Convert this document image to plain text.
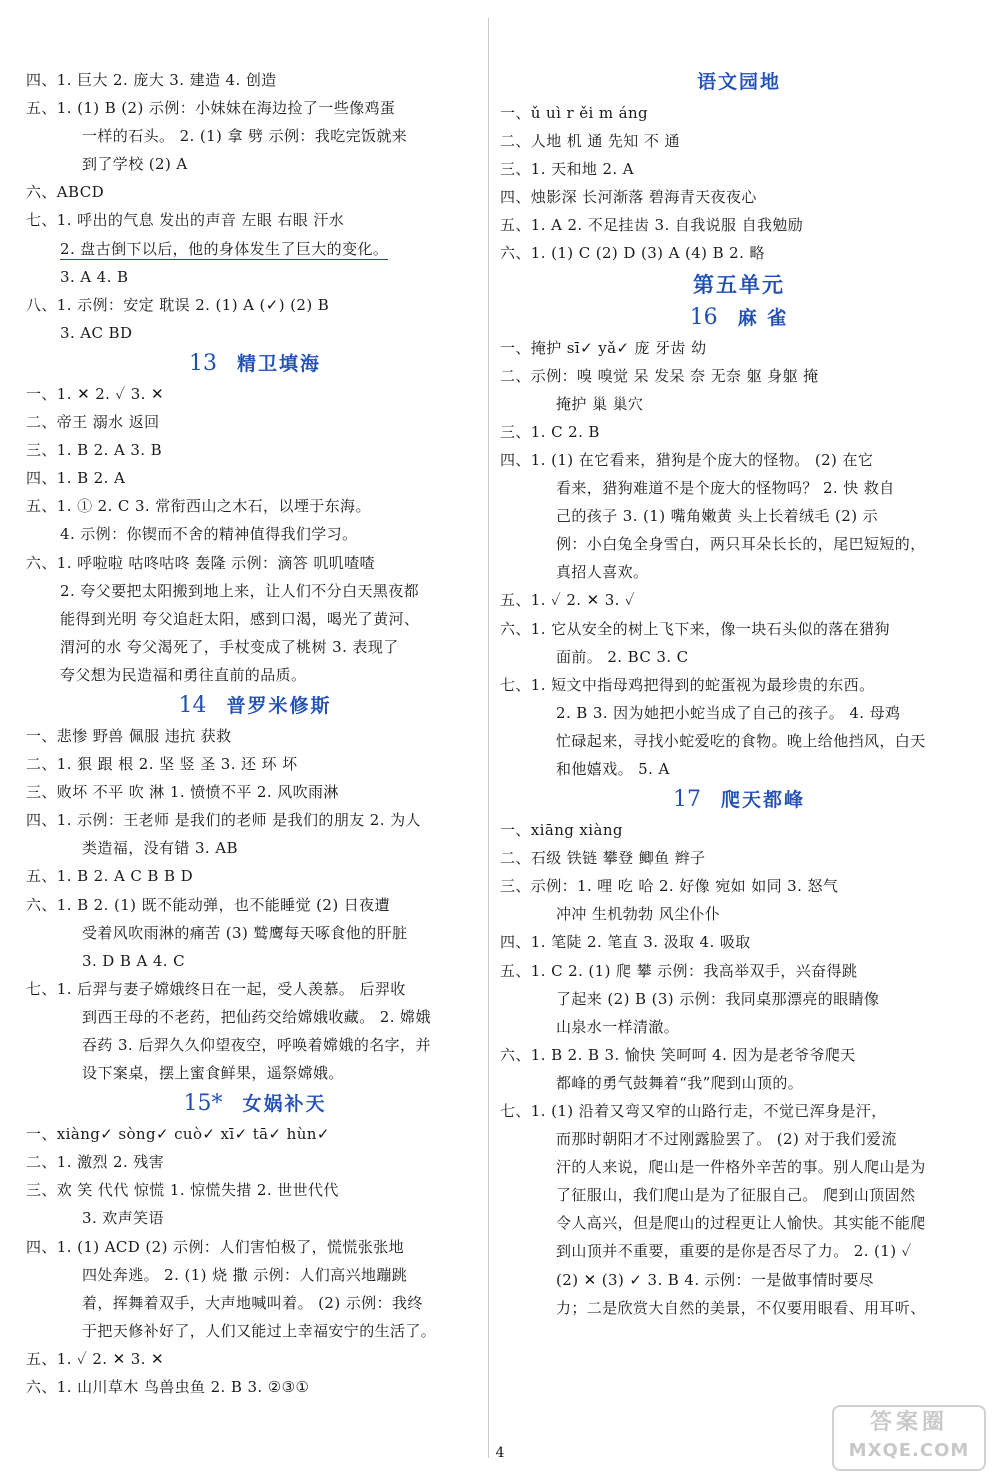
四、1. 巨大 2. 庞大 3. 建造 4. 创造
五、1. (1) B (2) 示例：小妹妹在海边捡了一些像鸡蛋
一样的石头。 2. (1) 拿 劈 示例：我吃完饭就来
到了学校 (2) A
六、ABCD
七、1. 呼出的气息 发出的声音 左眼 右眼 汗水
2. 盘古倒下以后，他的身体发生了巨大的变化。
3. A 4. B
八、1. 示例：安定 耽误 2. (1) A (✓) (2) B
3. AC BD
13 精卫填海
一、1. ✕ 2. ✓ 3. ✕
二、帝王 溺水 返回
三、1. B 2. A 3. B
四、1. B 2. A
五、1. ① 2. C 3. 常衔西山之木石，以堙于东海。
4. 示例：你锲而不舍的精神值得我们学习。
六、1. 呼啦啦 咕咚咕咚 轰隆 示例：滴答 叽叽喳喳
2. 夸父要把太阳搬到地上来，让人们不分白天黑夜都
能得到光明 夸父追赶太阳，感到口渴，喝光了黄河、
渭河的水 夸父渴死了，手杖变成了桃树 3. 表现了
夸父想为民造福和勇往直前的品质。
14 普罗米修斯
一、悲惨 野兽 佩服 违抗 获救
二、1. 狠 跟 根 2. 坚 竖 圣 3. 还 环 坏
三、败坏 不平 吹 淋 1. 愤愤不平 2. 风吹雨淋
四、1. 示例：王老师 是我们的老师 是我们的朋友 2. 为人
类造福，没有错 3. AB
五、1. B 2. A C B B D
六、1. B 2. (1) 既不能动弹，也不能睡觉 (2) 日夜遭
受着风吹雨淋的痛苦 (3) 鹫鹰每天啄食他的肝脏
3. D B A 4. C
七、1. 后羿与妻子嫦娥终日在一起，受人羡慕。 后羿收
到西王母的不老药，把仙药交给嫦娥收藏。 2. 嫦娥
吞药 3. 后羿久久仰望夜空，呼唤着嫦娥的名字，并
设下案桌，摆上蜜食鲜果，遥祭嫦娥。
15* 女娲补天
一、xiàng✓ sòng✓ cuò✓ xī✓ tā✓ hùn✓
二、1. 激烈 2. 残害
三、欢 笑 代代 惊慌 1. 惊慌失措 2. 世世代代
3. 欢声笑语
四、1. (1) ACD (2) 示例：人们害怕极了，慌慌张张地
四处奔逃。 2. (1) 烧 撒 示例：人们高兴地蹦跳
着，挥舞着双手，大声地喊叫着。 (2) 示例：我终
于把天修补好了，人们又能过上幸福安宁的生活了。
五、1. ✓ 2. ✕ 3. ✕
六、1. 山川草木 鸟兽虫鱼 2. B 3. ②③①
语文园地
一、ǔ uì r ěi m áng
二、人地 机 通 先知 不 通
三、1. 天和地 2. A
四、烛影深 长河渐落 碧海青天夜夜心
五、1. A 2. 不足挂齿 3. 自我说服 自我勉励
六、1. (1) C (2) D (3) A (4) B 2. 略
第五单元
16 麻 雀
一、掩护 sī✓ yǎ✓ 庞 牙齿 幼
二、示例：嗅 嗅觉 呆 发呆 奈 无奈 躯 身躯 掩
掩护 巢 巢穴
三、1. C 2. B
四、1. (1) 在它看来，猎狗是个庞大的怪物。 (2) 在它
看来，猎狗难道不是个庞大的怪物吗？ 2. 快 救自
己的孩子 3. (1) 嘴角嫩黄 头上长着绒毛 (2) 示
例：小白兔全身雪白，两只耳朵长长的，尾巴短短的，
真招人喜欢。
五、1. ✓ 2. ✕ 3. ✓
六、1. 它从安全的树上飞下来，像一块石头似的落在猎狗
面前。 2. BC 3. C
七、1. 短文中指母鸡把得到的蛇蛋视为最珍贵的东西。
2. B 3. 因为她把小蛇当成了自己的孩子。 4. 母鸡
忙碌起来，寻找小蛇爱吃的食物。晚上给他挡风，白天
和他嬉戏。 5. A
17 爬天都峰
一、xiāng xiàng
二、石级 铁链 攀登 鲫鱼 辫子
三、示例：1. 哩 吃 哈 2. 好像 宛如 如同 3. 怒气
冲冲 生机勃勃 风尘仆仆
四、1. 笔陡 2. 笔直 3. 汲取 4. 吸取
五、1. C 2. (1) 爬 攀 示例：我高举双手，兴奋得跳
了起来 (2) B (3) 示例：我同桌那漂亮的眼睛像
山泉水一样清澈。
六、1. B 2. B 3. 愉快 笑呵呵 4. 因为是老爷爷爬天
都峰的勇气鼓舞着“我”爬到山顶的。
七、1. (1) 沿着又弯又窄的山路行走，不觉已浑身是汗，
而那时朝阳才不过刚露脸罢了。 (2) 对于我们爱流
汗的人来说，爬山是一件格外辛苦的事。别人爬山是为
了征服山，我们爬山是为了征服自己。 爬到山顶固然
令人高兴，但是爬山的过程更让人愉快。其实能不能爬
到山顶并不重要，重要的是你是否尽了力。 2. (1) ✓
(2) ✕ (3) ✓ 3. B 4. 示例：一是做事情时要尽
力；二是欣赏大自然的美景，不仅要用眼看、用耳听、
4
答案圈
MXQE.COM
